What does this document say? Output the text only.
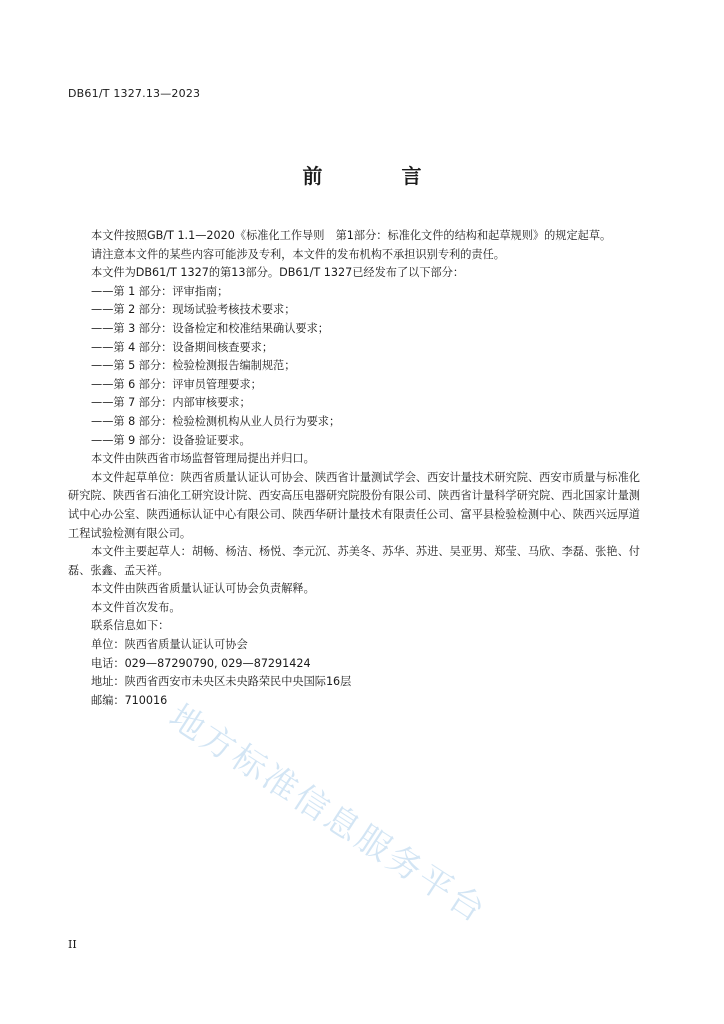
DB61/T 1327.13—2023
前 言

本文件按照GB/T 1.1—2020《标准化工作导则　第1部分：标准化文件的结构和起草规则》的规定起草。

请注意本文件的某些内容可能涉及专利，本文件的发布机构不承担识别专利的责任。

本文件为DB61/T 1327的第13部分。DB61/T 1327已经发布了以下部分：

——第 1 部分：评审指南；

——第 2 部分：现场试验考核技术要求；

——第 3 部分：设备检定和校准结果确认要求；

——第 4 部分：设备期间核查要求；

——第 5 部分：检验检测报告编制规范；

——第 6 部分：评审员管理要求；

——第 7 部分：内部审核要求；

——第 8 部分：检验检测机构从业人员行为要求；

——第 9 部分：设备验证要求。

本文件由陕西省市场监督管理局提出并归口。

本文件起草单位：陕西省质量认证认可协会、陕西省计量测试学会、西安计量技术研究院、西安市质量与标准化研究院、陕西省石油化工研究设计院、西安高压电器研究院股份有限公司、陕西省计量科学研究院、西北国家计量测试中心办公室、陕西通标认证中心有限公司、陕西华研计量技术有限责任公司、富平县检验检测中心、陕西兴远厚道工程试验检测有限公司。

本文件主要起草人：胡畅、杨洁、杨悦、李元沉、苏美冬、苏华、苏进、吴亚男、郑莹、马欣、李磊、张艳、付磊、张鑫、孟天祥。

本文件由陕西省质量认证认可协会负责解释。

本文件首次发布。

联系信息如下：

单位：陕西省质量认证认可协会

电话：029—87290790, 029—87291424

地址：陕西省西安市未央区未央路荣民中央国际16层

邮编：710016

地方标准信息服务平台
II
